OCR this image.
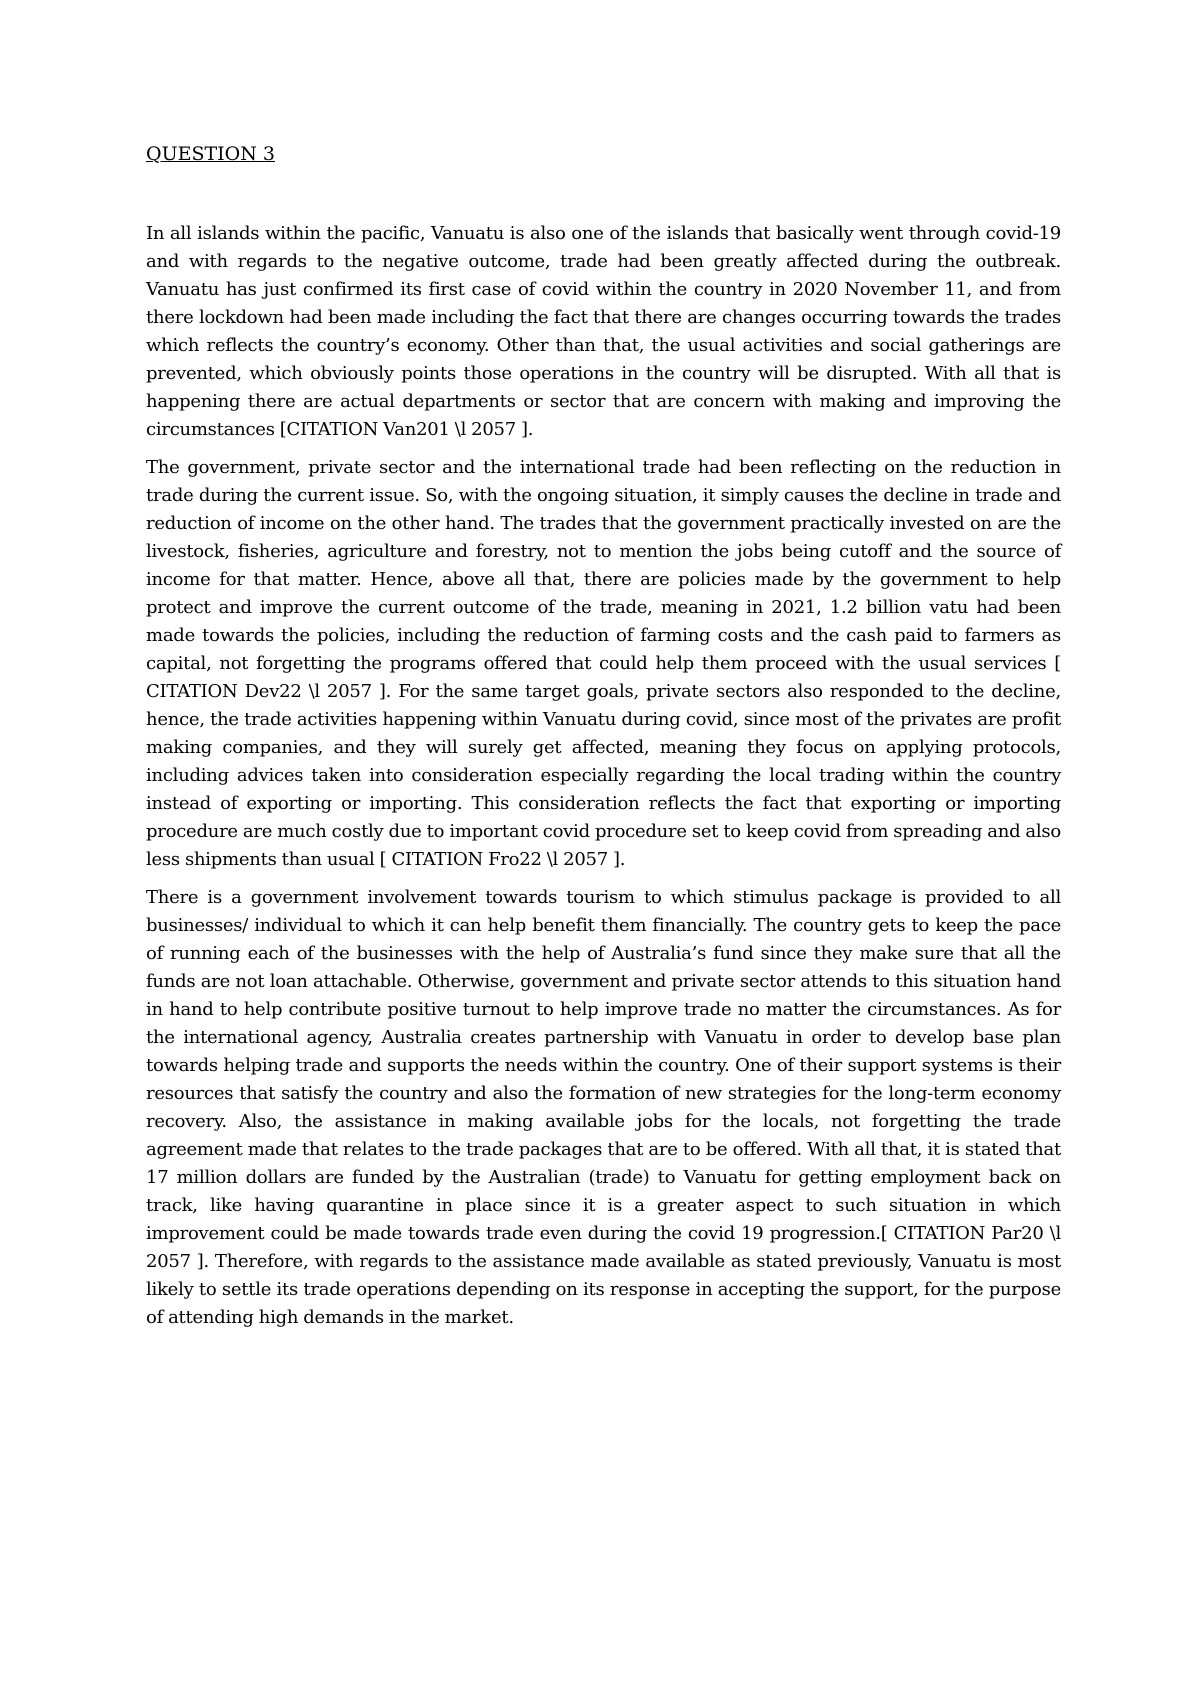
QUESTION 3

In all islands within the pacific, Vanuatu is also one of the islands that basically went through covid-19 and with regards to the negative outcome, trade had been greatly affected during the outbreak. Vanuatu has just confirmed its first case of covid within the country in 2020 November 11, and from there lockdown had been made including the fact that there are changes occurring towards the trades which reflects the country’s economy. Other than that, the usual activities and social gatherings are prevented, which obviously points those operations in the country will be disrupted. With all that is happening there are actual departments or sector that are concern with making and improving the circumstances [CITATION Van201 \l 2057 ].

The government, private sector and the international trade had been reflecting on the reduction in trade during the current issue. So, with the ongoing situation, it simply causes the decline in trade and reduction of income on the other hand. The trades that the government practically invested on are the livestock, fisheries, agriculture and forestry, not to mention the jobs being cutoff and the source of income for that matter. Hence, above all that, there are policies made by the government to help protect and improve the current outcome of the trade, meaning in 2021, 1.2 billion vatu had been made towards the policies, including the reduction of farming costs and the cash paid to farmers as capital, not forgetting the programs offered that could help them proceed with the usual services [ CITATION Dev22 \l 2057 ]. For the same target goals, private sectors also responded to the decline, hence, the trade activities happening within Vanuatu during covid, since most of the privates are profit making companies, and they will surely get affected, meaning they focus on applying protocols, including advices taken into consideration especially regarding the local trading within the country instead of exporting or importing. This consideration reflects the fact that exporting or importing procedure are much costly due to important covid procedure set to keep covid from spreading and also less shipments than usual [ CITATION Fro22 \l 2057 ].

There is a government involvement towards tourism to which stimulus package is provided to all businesses/ individual to which it can help benefit them financially. The country gets to keep the pace of running each of the businesses with the help of Australia’s fund since they make sure that all the funds are not loan attachable. Otherwise, government and private sector attends to this situation hand in hand to help contribute positive turnout to help improve trade no matter the circumstances. As for the international agency, Australia creates partnership with Vanuatu in order to develop base plan towards helping trade and supports the needs within the country. One of their support systems is their resources that satisfy the country and also the formation of new strategies for the long-term economy recovery. Also, the assistance in making available jobs for the locals, not forgetting the trade agreement made that relates to the trade packages that are to be offered. With all that, it is stated that 17 million dollars are funded by the Australian (trade) to Vanuatu for getting employment back on track, like having quarantine in place since it is a greater aspect to such situation in which improvement could be made towards trade even during the covid 19 progression.[ CITATION Par20 \l 2057 ]. Therefore, with regards to the assistance made available as stated previously, Vanuatu is most likely to settle its trade operations depending on its response in accepting the support, for the purpose of attending high demands in the market.
